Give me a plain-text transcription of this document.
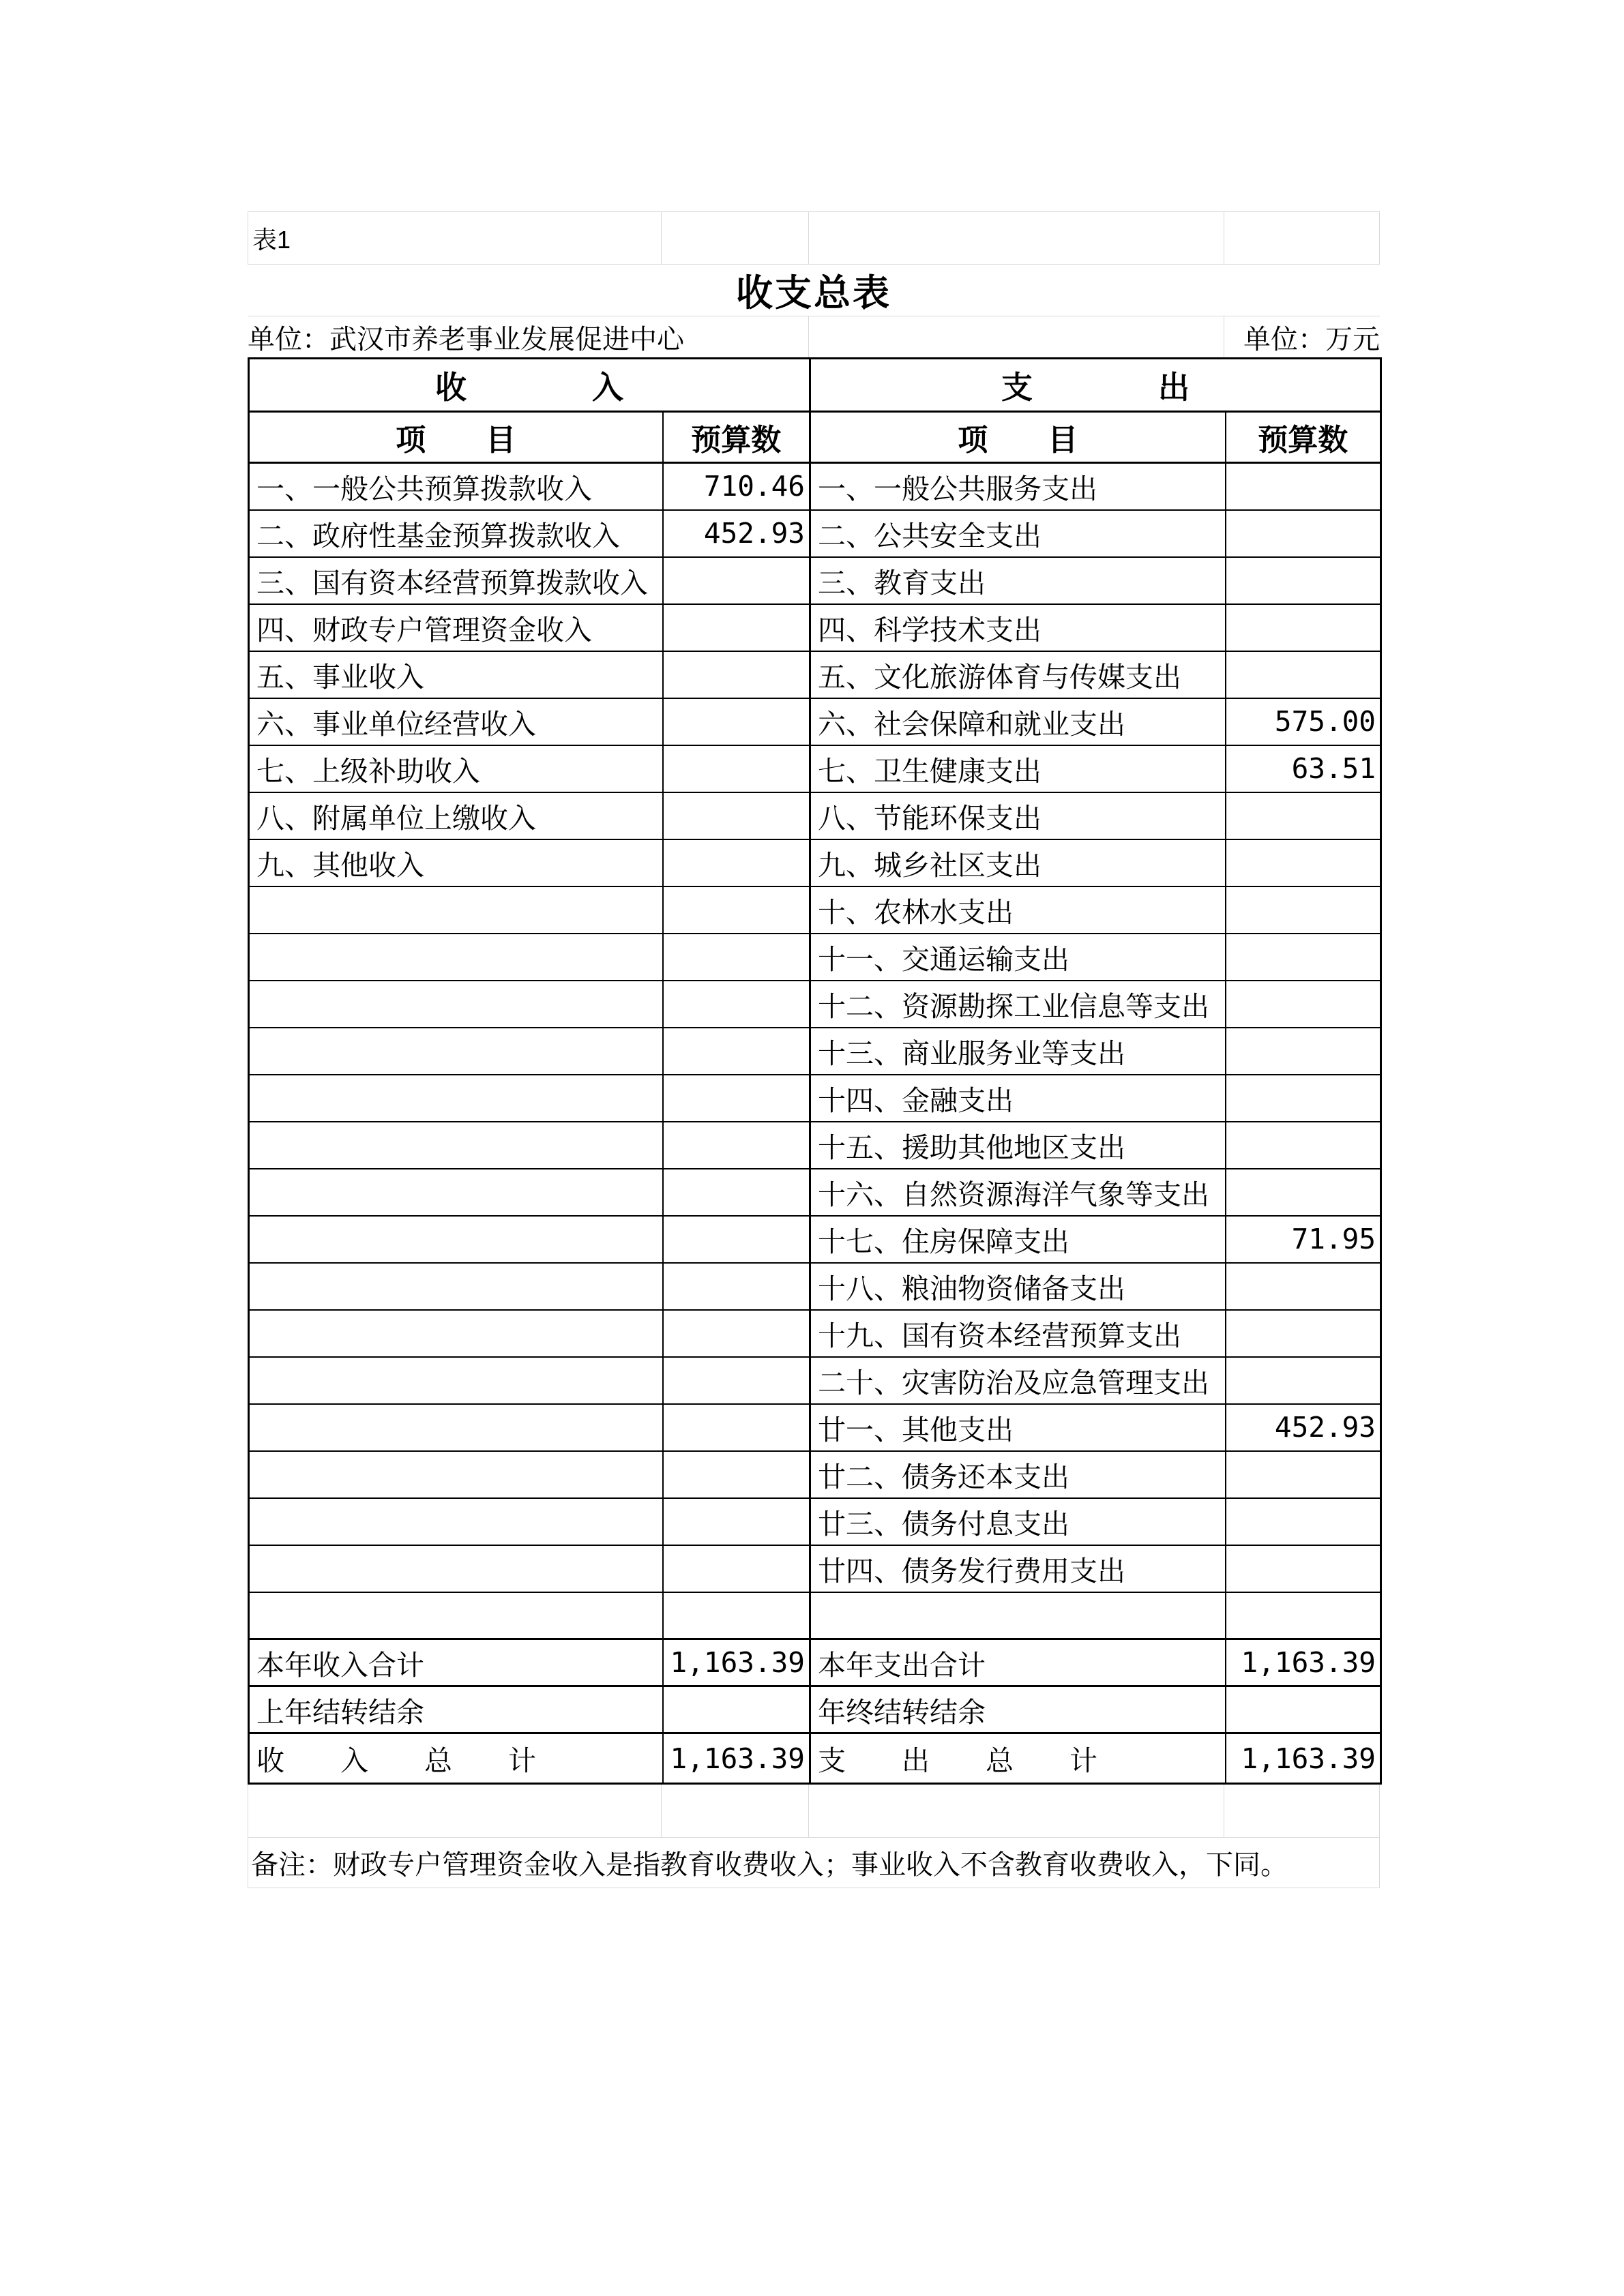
表1
收支总表
单位：武汉市养老事业发展促进中心	单位：万元
收　　　　入		支　　　　出	
项　　目	预算数	项　　目	预算数
一、一般公共预算拨款收入	710.46	一、一般公共服务支出	
二、政府性基金预算拨款收入	452.93	二、公共安全支出	
三、国有资本经营预算拨款收入		三、教育支出	
四、财政专户管理资金收入		四、科学技术支出	
五、事业收入		五、文化旅游体育与传媒支出	
六、事业单位经营收入		六、社会保障和就业支出	575.00
七、上级补助收入		七、卫生健康支出	63.51
八、附属单位上缴收入		八、节能环保支出	
九、其他收入		九、城乡社区支出	
		十、农林水支出	
		十一、交通运输支出	
		十二、资源勘探工业信息等支出	
		十三、商业服务业等支出	
		十四、金融支出	
		十五、援助其他地区支出	
		十六、自然资源海洋气象等支出	
		十七、住房保障支出	71.95
		十八、粮油物资储备支出	
		十九、国有资本经营预算支出	
		二十、灾害防治及应急管理支出	
		廿一、其他支出	452.93
		廿二、债务还本支出	
		廿三、债务付息支出	
		廿四、债务发行费用支出	

本年收入合计	1,163.39	本年支出合计	1,163.39
上年结转结余		年终结转结余	
收　　入　　总　　计	1,163.39	支　　出　　总　　计	1,163.39
备注：财政专户管理资金收入是指教育收费收入；事业收入不含教育收费收入，下同。
